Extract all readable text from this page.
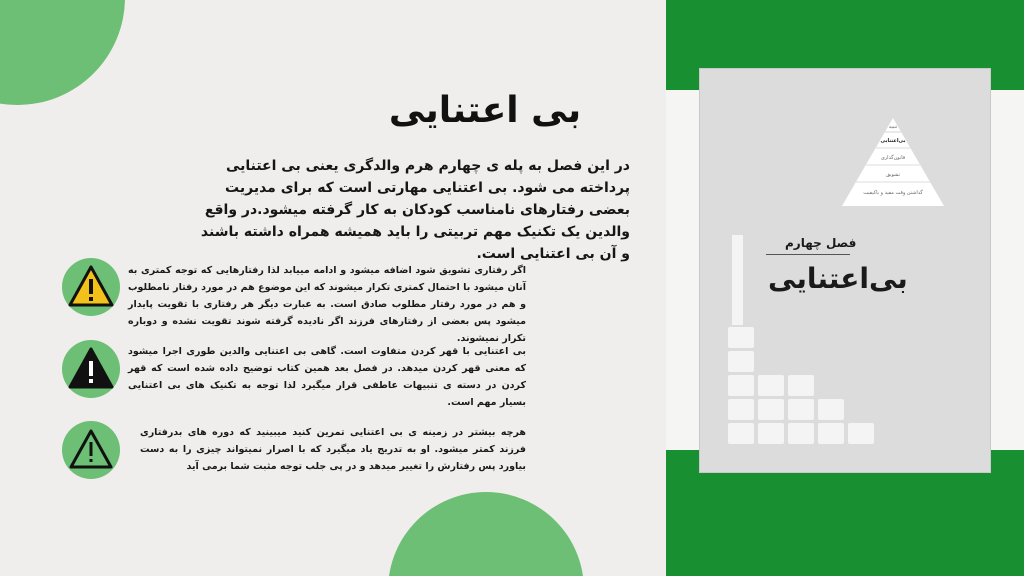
تنبیه
بی‌اعتنایی
قانون‌گذاری
تشویق
گذاشتن وقت مفید و باکیفیت
فصل چهارم
بی‌اعتنایی
بی اعتنایی
در این فصل به پله ی چهارم هرم والدگری یعنی بی اعتنایی پرداخته می شود. بی اعتنایی مهارتی است که برای مدیریت بعضی رفتارهای نامناسب کودکان به کار گرفته میشود.در واقع والدین یک تکنیک مهم تربیتی را باید همیشه همراه داشته باشند و آن بی اعتنایی است.
اگر رفتاری تشویق شود اضافه میشود و ادامه مییابد لذا رفتارهایی که توجه کمتری به آنان میشود با احتمال کمتری تکرار میشوند که این موضوع هم در مورد رفتار نامطلوب و هم در مورد رفتار مطلوب صادق است. به عبارت دیگر هر رفتاری با تقویت پایدار میشود پس بعضی از رفتارهای فرزند اگر نادیده گرفته شوند تقویت نشده و دوباره تکرار نمیشوند.
بی اعتنایی با قهر کردن متفاوت است. گاهی بی اعتنایی والدین طوری اجرا میشود که معنی قهر کردن میدهد. در فصل بعد همین کتاب توضیح داده شده است که قهر کردن در دسته ی تنبیهات عاطفی قرار میگیرد لذا توجه به تکنیک های بی اعتنایی بسیار مهم است.
هرچه بیشتر در زمینه ی بی اعتنایی تمرین کنید میبینید که دوره های بدرفتاری فرزند کمتر میشود. او به تدریج یاد میگیرد که با اصرار نمیتواند چیزی را به دست بیاورد پس رفتارش را تغییر میدهد و در پی جلب توجه مثبت شما برمی آید
